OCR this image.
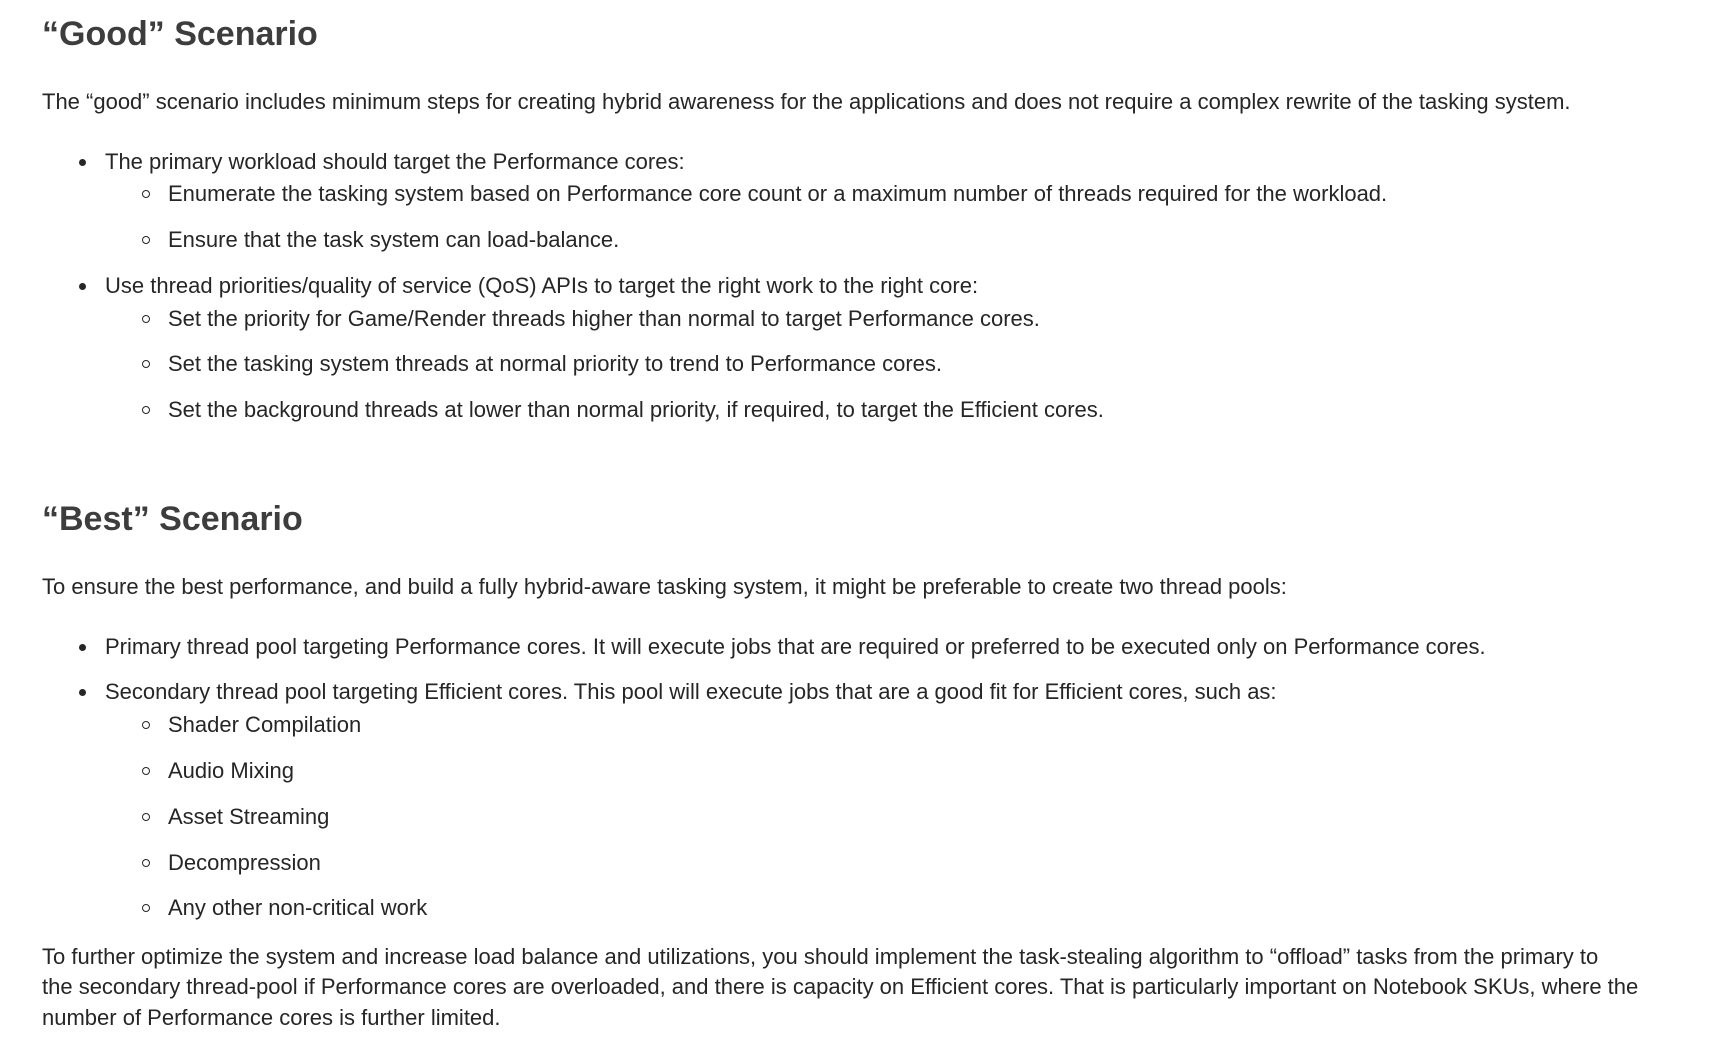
“Good” Scenario

The “good” scenario includes minimum steps for creating hybrid awareness for the applications and does not require a complex rewrite of the tasking system.

The primary workload should target the Performance cores:
Enumerate the tasking system based on Performance core count or a maximum number of threads required for the workload.
Ensure that the task system can load-balance.
Use thread priorities/quality of service (QoS) APIs to target the right work to the right core:
Set the priority for Game/Render threads higher than normal to target Performance cores.
Set the tasking system threads at normal priority to trend to Performance cores.
Set the background threads at lower than normal priority, if required, to target the Efficient cores.
“Best” Scenario

To ensure the best performance, and build a fully hybrid-aware tasking system, it might be preferable to create two thread pools:

Primary thread pool targeting Performance cores. It will execute jobs that are required or preferred to be executed only on Performance cores.
Secondary thread pool targeting Efficient cores. This pool will execute jobs that are a good fit for Efficient cores, such as:
Shader Compilation
Audio Mixing
Asset Streaming
Decompression
Any other non-critical work

To further optimize the system and increase load balance and utilizations, you should implement the task-stealing algorithm to “offload” tasks from the primary to

the secondary thread-pool if Performance cores are overloaded, and there is capacity on Efficient cores. That is particularly important on Notebook SKUs, where the

number of Performance cores is further limited.
